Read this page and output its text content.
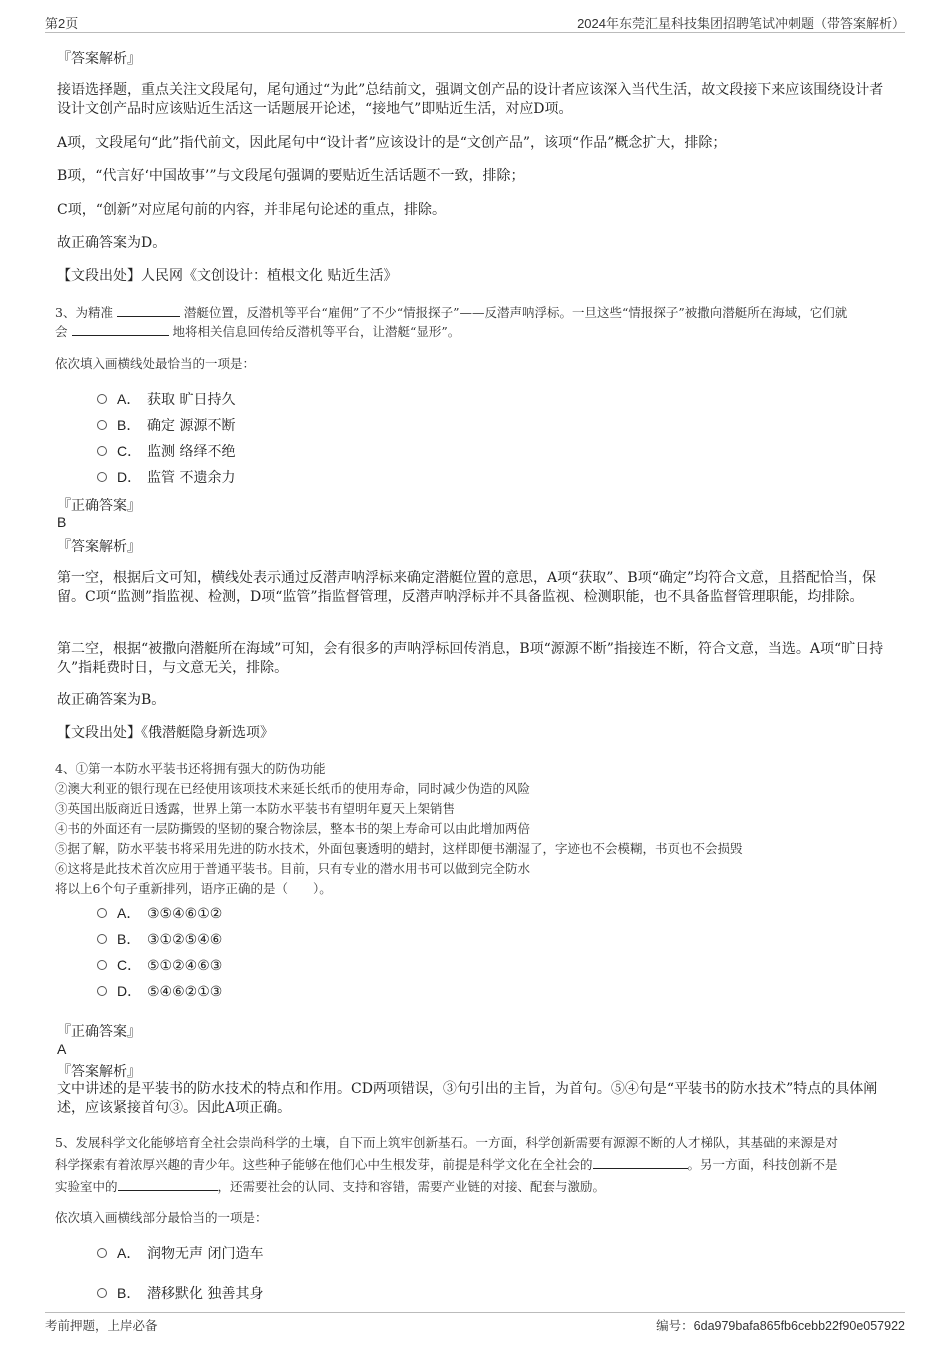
第2页	2024年东莞汇星科技集团招聘笔试冲刺题（带答案解析）
『答案解析』
接语选择题，重点关注文段尾句，尾句通过“为此”总结前文，强调文创产品的设计者应该深入当代生活，故文段接下来应该围绕设计者设计文创产品时应该贴近生活这一话题展开论述，“接地气”即贴近生活，对应D项。
A项，文段尾句“此”指代前文，因此尾句中“设计者”应该设计的是“文创产品”，该项“作品”概念扩大，排除；
B项，“代言好‘中国故事’”与文段尾句强调的要贴近生活话题不一致，排除；
C项，“创新”对应尾句前的内容，并非尾句论述的重点，排除。
故正确答案为D。
【文段出处】人民网《文创设计：植根文化 贴近生活》
3、为精准	潜艇位置，反潜机等平台“雇佣”了不少“情报探子”——反潜声呐浮标。一旦这些“情报探子”被撒向潜艇所在海域，它们就
会	地将相关信息回传给反潜机等平台，让潜艇“显形”。
依次填入画横线处最恰当的一项是：
A． 获取 旷日持久
B． 确定 源源不断
C． 监测 络绎不绝
D． 监管 不遗余力
『正确答案』
B
『答案解析』
第一空，根据后文可知，横线处表示通过反潜声呐浮标来确定潜艇位置的意思，A项“获取”、B项“确定”均符合文意，且搭配恰当，保留。C项“监测”指监视、检测，D项“监管”指监督管理，反潜声呐浮标并不具备监视、检测职能，也不具备监督管理职能，均排除。
第二空，根据“被撒向潜艇所在海域”可知，会有很多的声呐浮标回传消息，B项“源源不断”指接连不断，符合文意，当选。A项“旷日持久”指耗费时日，与文意无关，排除。
故正确答案为B。
【文段出处】《俄潜艇隐身新选项》
4、①第一本防水平装书还将拥有强大的防伪功能
②澳大利亚的银行现在已经使用该项技术来延长纸币的使用寿命，同时减少伪造的风险
③英国出版商近日透露，世界上第一本防水平装书有望明年夏天上架销售
④书的外面还有一层防撕毁的坚韧的聚合物涂层，整本书的架上寿命可以由此增加两倍
⑤据了解，防水平装书将采用先进的防水技术，外面包裹透明的蜡封，这样即便书潮湿了，字迹也不会模糊，书页也不会损毁
⑥这将是此技术首次应用于普通平装书。目前，只有专业的潜水用书可以做到完全防水
将以上6个句子重新排列，语序正确的是（　　）。
A． ③⑤④⑥①②
B． ③①②⑤④⑥
C． ⑤①②④⑥③
D． ⑤④⑥②①③
『正确答案』
A
『答案解析』
文中讲述的是平装书的防水技术的特点和作用。CD两项错误，③句引出的主旨，为首句。⑤④句是“平装书的防水技术”特点的具体阐述，应该紧接首句③。因此A项正确。
5、发展科学文化能够培育全社会崇尚科学的土壤，自下而上筑牢创新基石。一方面，科学创新需要有源源不断的人才梯队，其基础的来源是对
科学探索有着浓厚兴趣的青少年。这些种子能够在他们心中生根发芽，前提是科学文化在全社会的	。另一方面，科技创新不是
实验室中的	，还需要社会的认同、支持和容错，需要产业链的对接、配套与激励。
依次填入画横线部分最恰当的一项是：
A． 润物无声 闭门造车
B． 潜移默化 独善其身
考前押题，上岸必备	编号：6da979bafa865fb6cebb22f90e057922
